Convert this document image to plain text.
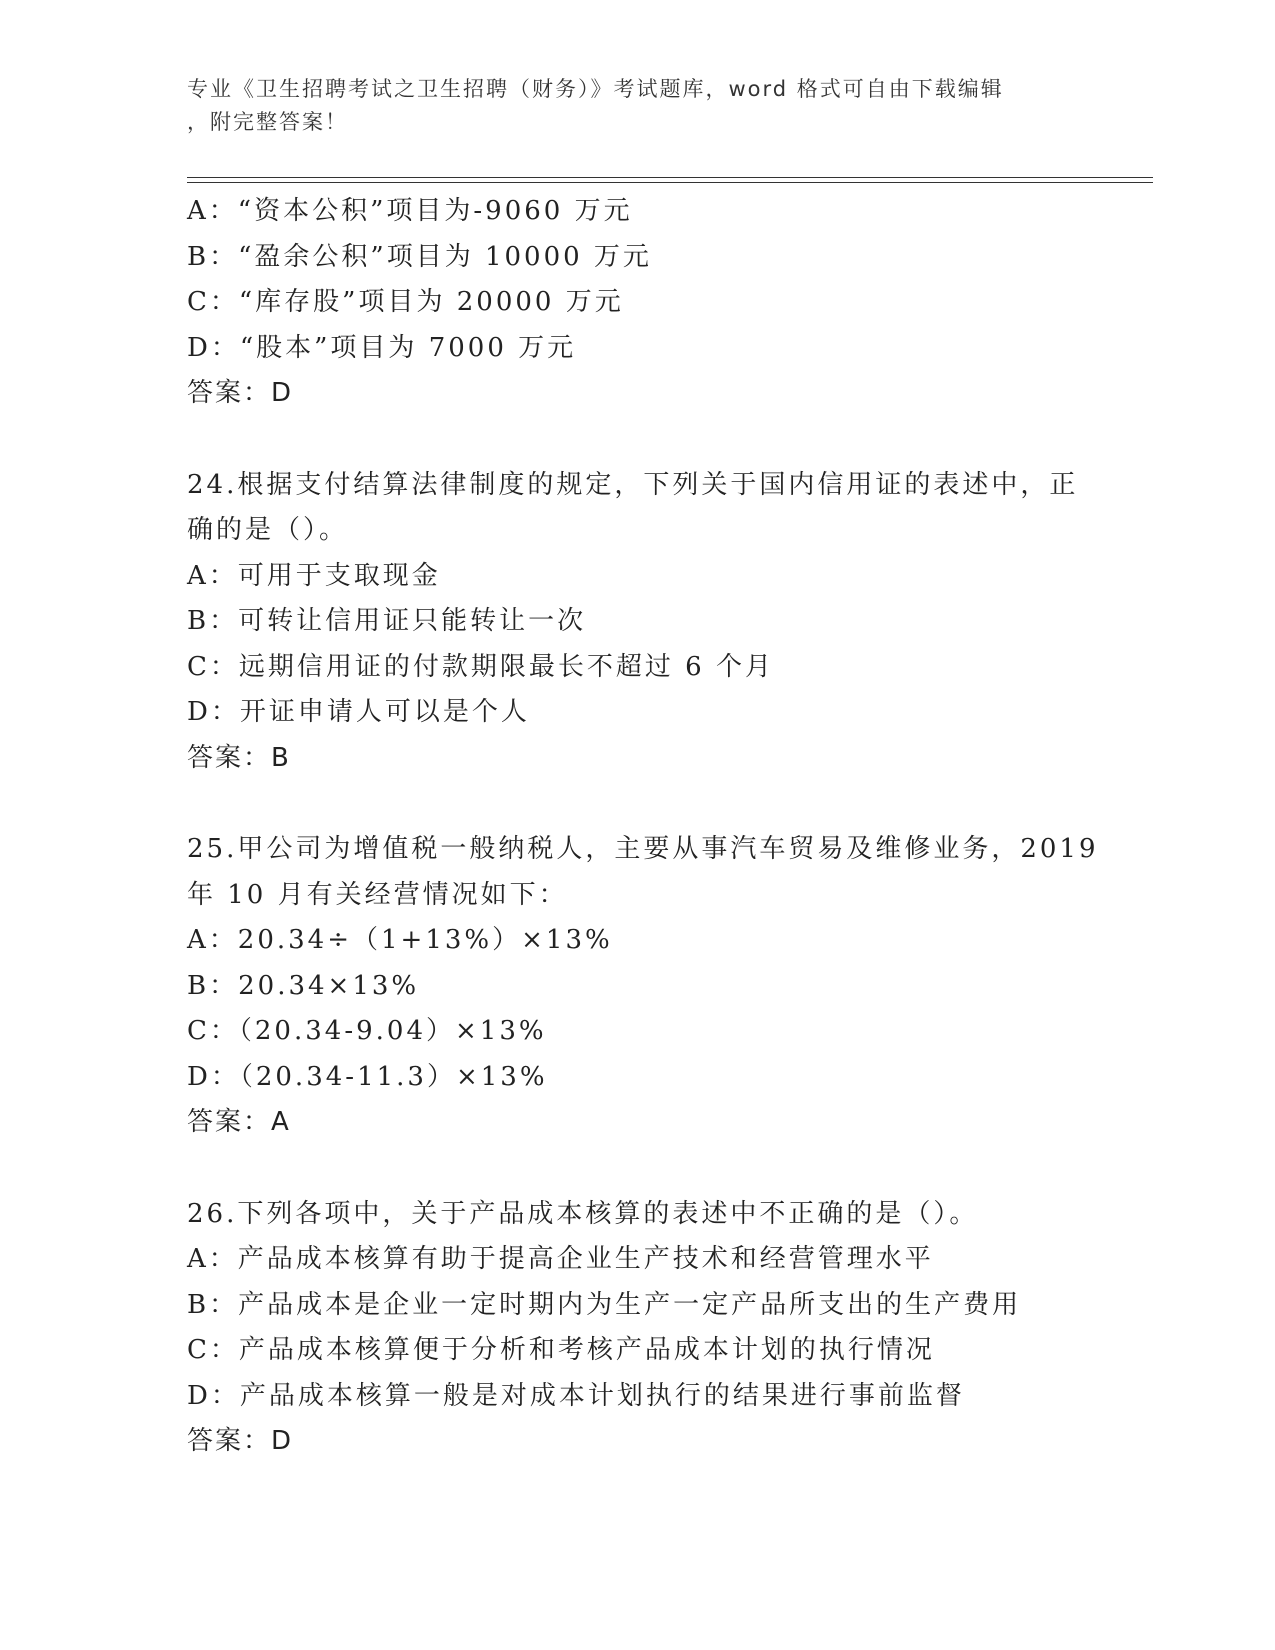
专业《卫生招聘考试之卫生招聘（财务）》考试题库，word 格式可自由下载编辑
，附完整答案！
A：“资本公积”项目为-9060 万元
B：“盈余公积”项目为 10000 万元
C：“库存股”项目为 20000 万元
D：“股本”项目为 7000 万元
答案：D
24.根据支付结算法律制度的规定，下列关于国内信用证的表述中，正
确的是（）。
A：可用于支取现金
B：可转让信用证只能转让一次
C：远期信用证的付款期限最长不超过 6 个月
D：开证申请人可以是个人
答案：B
25.甲公司为增值税一般纳税人，主要从事汽车贸易及维修业务，2019
年 10 月有关经营情况如下：
A：20.34÷（1+13%）×13%
B：20.34×13%
C：（20.34-9.04）×13%
D：（20.34-11.3）×13%
答案：A
26.下列各项中，关于产品成本核算的表述中不正确的是（）。
A：产品成本核算有助于提高企业生产技术和经营管理水平
B：产品成本是企业一定时期内为生产一定产品所支出的生产费用
C：产品成本核算便于分析和考核产品成本计划的执行情况
D：产品成本核算一般是对成本计划执行的结果进行事前监督
答案：D
